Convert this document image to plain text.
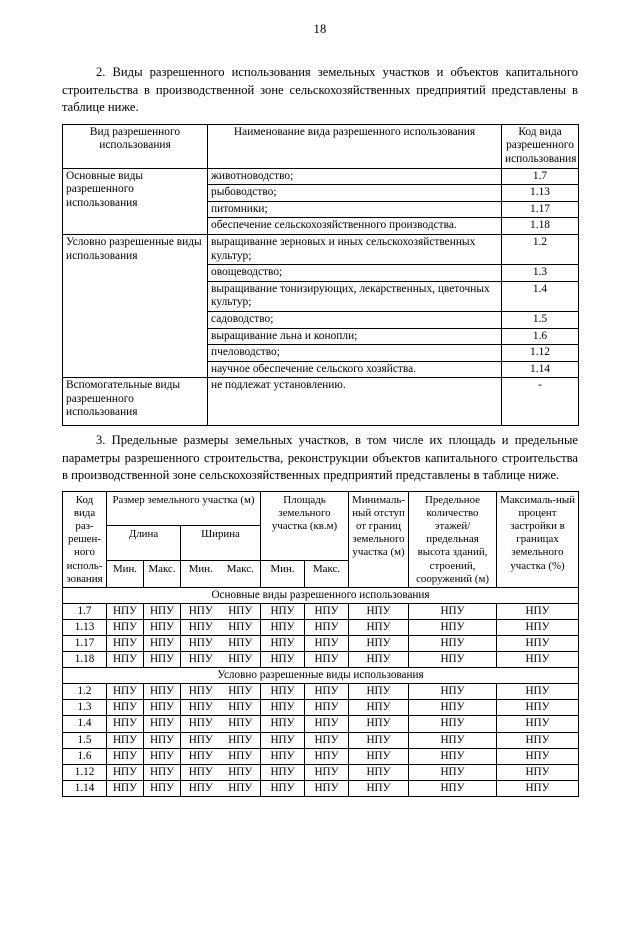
18

2. Виды разрешенного использования земельных участков и объектов капитального строительства в производственной зоне сельскохозяйственных предприятий представлены в таблице ниже.

Вид разрешенного использования	Наименование вида разрешенного использования	Код вида разрешенного использования
Основные виды разрешенного использования	животноводство;	1.7
	рыбоводство;	1.13
	питомники;	1.17
	обеспечение сельскохозяйственного производства.	1.18
Условно разрешенные виды использования	выращивание зерновых и иных сельскохозяйственных культур;	1.2
	овощеводство;	1.3
	выращивание тонизирующих, лекарственных, цветочных культур;	1.4
	садоводство;	1.5
	выращивание льна и конопли;	1.6
	пчеловодство;	1.12
	научное обеспечение сельского хозяйства.	1.14
Вспомогательные виды разрешенного использования	не подлежат установлению.	-

3. Предельные размеры земельных участков, в том числе их площадь и предельные параметры разрешенного строительства, реконструкции объектов капитального строительства в производственной зоне сельскохозяйственных предприятий представлены в таблице ниже.

Код вида раз-решен-ного исполь-зования	Размер земельного участка (м)				Площадь земельного участка (кв.м)		Минималь-ный отступ от границ земельного участка (м)	Предельное количество этажей/ предельная высота зданий, строений, сооружений (м)	Максималь-ный процент застройки в границах земельного участка (%)
	Длина		Ширина						
	Мин.	Макс.	Мин.	Макс.	Мин.	Макс.			
Основные виды разрешенного использования									
1.7	НПУ	НПУ	НПУ	НПУ	НПУ	НПУ	НПУ	НПУ	НПУ
1.13	НПУ	НПУ	НПУ	НПУ	НПУ	НПУ	НПУ	НПУ	НПУ
1.17	НПУ	НПУ	НПУ	НПУ	НПУ	НПУ	НПУ	НПУ	НПУ
1.18	НПУ	НПУ	НПУ	НПУ	НПУ	НПУ	НПУ	НПУ	НПУ
Условно разрешенные виды использования									
1.2	НПУ	НПУ	НПУ	НПУ	НПУ	НПУ	НПУ	НПУ	НПУ
1.3	НПУ	НПУ	НПУ	НПУ	НПУ	НПУ	НПУ	НПУ	НПУ
1.4	НПУ	НПУ	НПУ	НПУ	НПУ	НПУ	НПУ	НПУ	НПУ
1.5	НПУ	НПУ	НПУ	НПУ	НПУ	НПУ	НПУ	НПУ	НПУ
1.6	НПУ	НПУ	НПУ	НПУ	НПУ	НПУ	НПУ	НПУ	НПУ
1.12	НПУ	НПУ	НПУ	НПУ	НПУ	НПУ	НПУ	НПУ	НПУ
1.14	НПУ	НПУ	НПУ	НПУ	НПУ	НПУ	НПУ	НПУ	НПУ
